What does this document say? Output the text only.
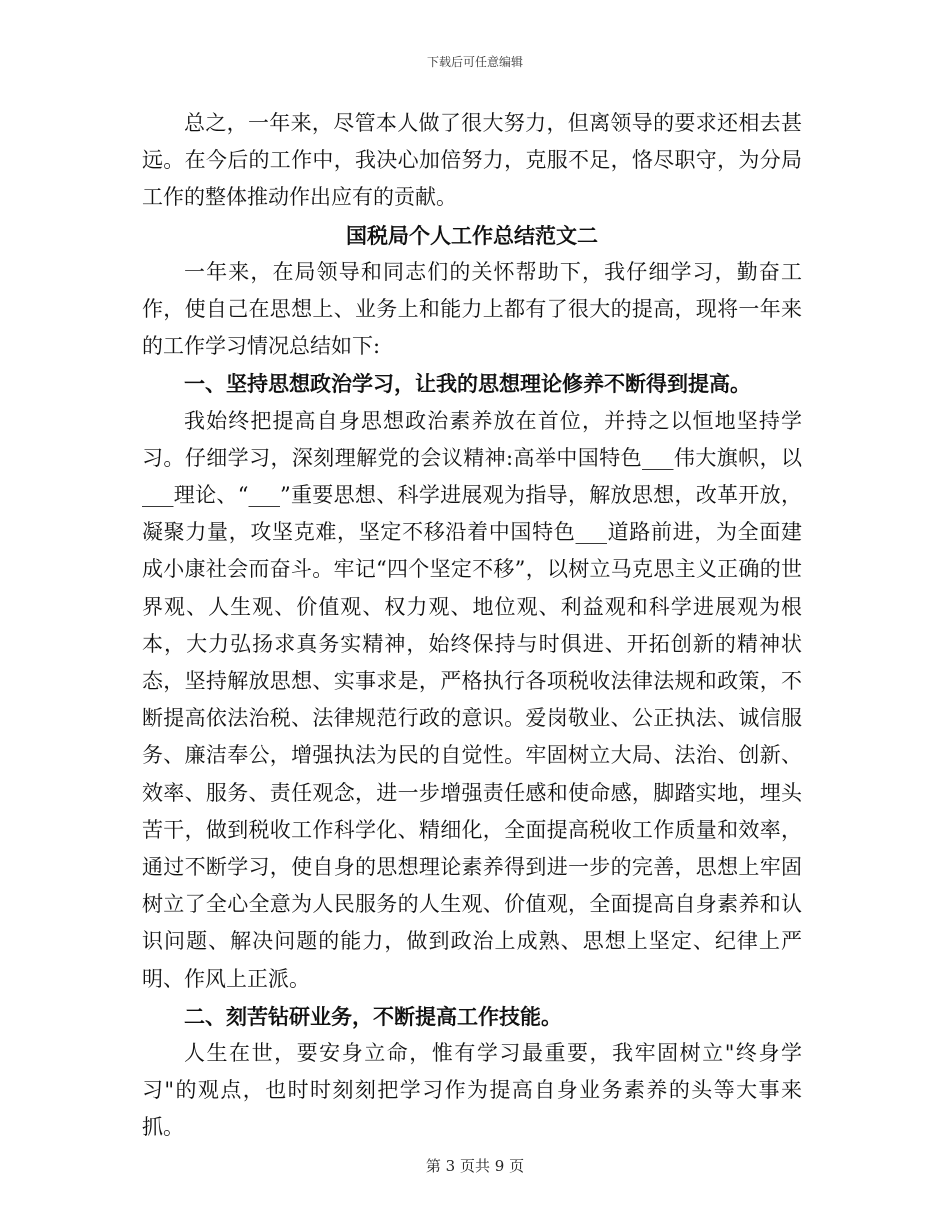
下载后可任意编辑

总之，一年来，尽管本人做了很大努力，但离领导的要求还相去甚远。在今后的工作中，我决心加倍努力，克服不足，恪尽职守，为分局工作的整体推动作出应有的贡献。

国税局个人工作总结范文二

一年来，在局领导和同志们的关怀帮助下，我仔细学习，勤奋工作，使自己在思想上、业务上和能力上都有了很大的提高，现将一年来的工作学习情况总结如下:

一、坚持思想政治学习，让我的思想理论修养不断得到提高。

我始终把提高自身思想政治素养放在首位，并持之以恒地坚持学习。仔细学习，深刻理解党的会议精神:高举中国特色___伟大旗帜，以___理论、“___”重要思想、科学进展观为指导，解放思想，改革开放，凝聚力量，攻坚克难，坚定不移沿着中国特色___道路前进，为全面建成小康社会而奋斗。牢记“四个坚定不移”，以树立马克思主义正确的世界观、人生观、价值观、权力观、地位观、利益观和科学进展观为根本，大力弘扬求真务实精神，始终保持与时俱进、开拓创新的精神状态，坚持解放思想、实事求是，严格执行各项税收法律法规和政策，不断提高依法治税、法律规范行政的意识。爱岗敬业、公正执法、诚信服务、廉洁奉公，增强执法为民的自觉性。牢固树立大局、法治、创新、效率、服务、责任观念，进一步增强责任感和使命感，脚踏实地，埋头苦干，做到税收工作科学化、精细化，全面提高税收工作质量和效率，通过不断学习，使自身的思想理论素养得到进一步的完善，思想上牢固树立了全心全意为人民服务的人生观、价值观，全面提高自身素养和认识问题、解决问题的能力，做到政治上成熟、思想上坚定、纪律上严明、作风上正派。

二、刻苦钻研业务，不断提高工作技能。

人生在世，要安身立命，惟有学习最重要，我牢固树立"终身学习"的观点，也时时刻刻把学习作为提高自身业务素养的头等大事来抓。

第 3 页共 9 页
